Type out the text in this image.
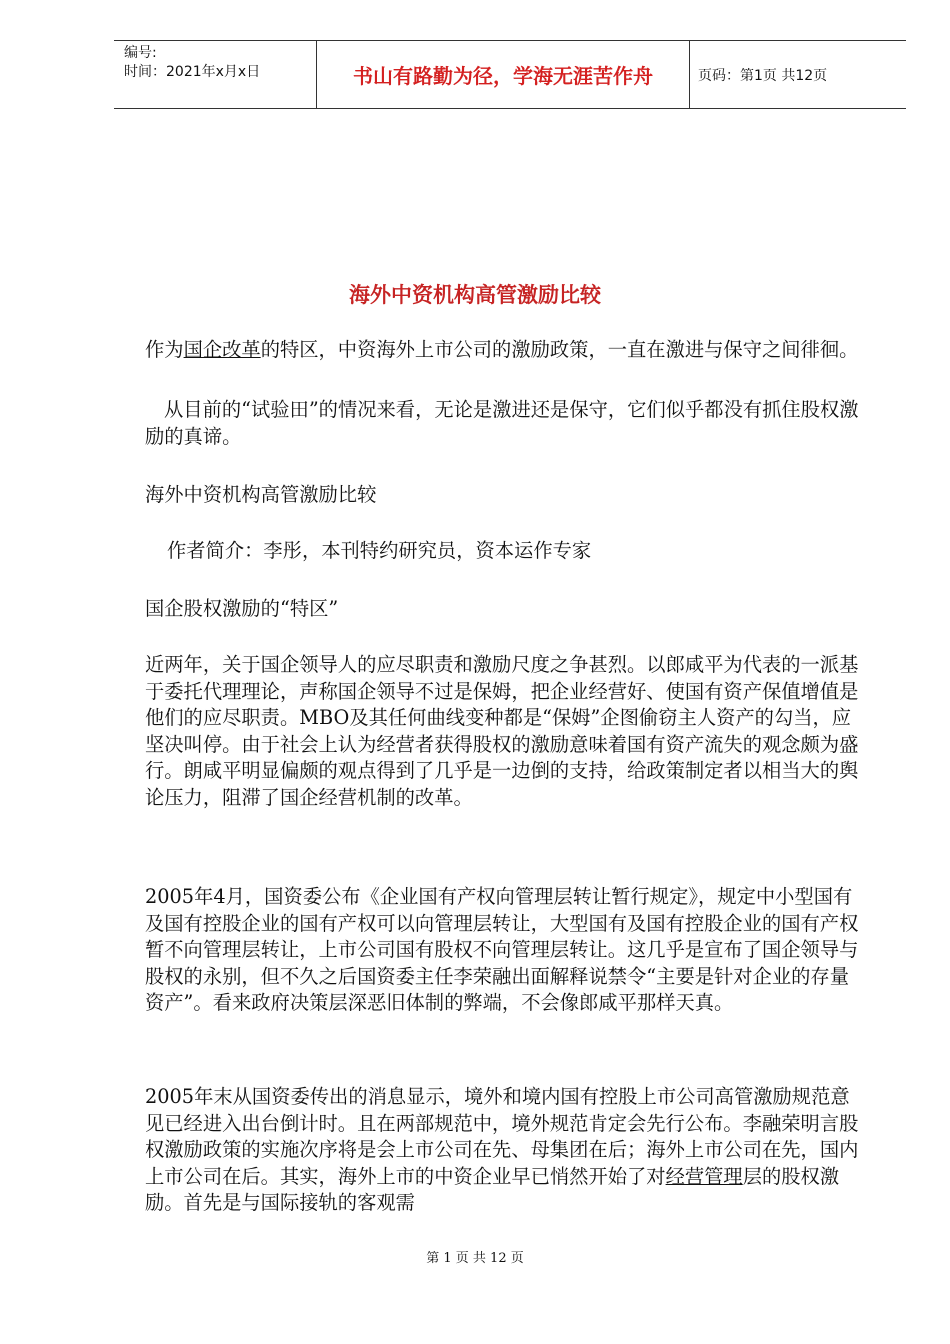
编号:
时间：2021年x月x日	书山有路勤为径，学海无涯苦作舟	页码：第1页 共12页
海外中资机构高管激励比较

作为国企改革的特区，中资海外上市公司的激励政策，一直在激进与保守之间徘徊。

从目前的“试验田”的情况来看，无论是激进还是保守，它们似乎都没有抓住股权激励的真谛。

海外中资机构高管激励比较

作者简介：李彤，本刊特约研究员，资本运作专家

国企股权激励的“特区”

近两年，关于国企领导人的应尽职责和激励尺度之争甚烈。以郎咸平为代表的一派基于委托代理理论，声称国企领导不过是保姆，把企业经营好、使国有资产保值增值是他们的应尽职责。MBO及其任何曲线变种都是“保姆”企图偷窃主人资产的勾当，应坚决叫停。由于社会上认为经营者获得股权的激励意味着国有资产流失的观念颇为盛行。朗咸平明显偏颇的观点得到了几乎是一边倒的支持，给政策制定者以相当大的舆论压力，阻滞了国企经营机制的改革。

2005年4月，国资委公布《企业国有产权向管理层转让暂行规定》，规定中小型国有及国有控股企业的国有产权可以向管理层转让，大型国有及国有控股企业的国有产权暂不向管理层转让，上市公司国有股权不向管理层转让。这几乎是宣布了国企领导与股权的永别，但不久之后国资委主任李荣融出面解释说禁令“主要是针对企业的存量资产”。看来政府决策层深恶旧体制的弊端，不会像郎咸平那样天真。

2005年末从国资委传出的消息显示，境外和境内国有控股上市公司高管激励规范意见已经进入出台倒计时。且在两部规范中，境外规范肯定会先行公布。李融荣明言股权激励政策的实施次序将是会上市公司在先、母集团在后；海外上市公司在先，国内上市公司在后。其实，海外上市的中资企业早已悄然开始了对经营管理层的股权激励。首先是与国际接轨的客观需

第 1 页 共 12 页
